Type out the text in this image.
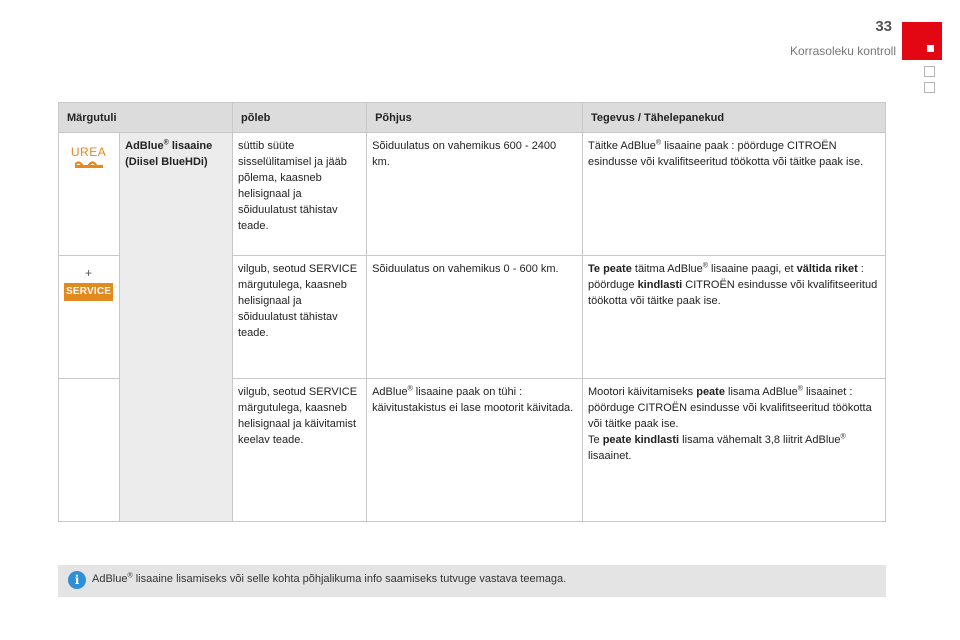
33
Korrasoleku kontroll
Märgutuli		põleb	Põhjus	Tegevus / Tähelepanekud

UREA	AdBlue® lisaaine (Diisel BlueHDi)	süttib süüte sisselülitamisel ja jääb põlema, kaasneb helisignaal ja sõiduulatust tähistav teade.	Sõiduulatus on vahemikus 600 - 2400 km.	Täitke AdBlue® lisaaine paak : pöörduge CITROËN esindusse või kvalifitseeritud töökotta või täitke paak ise.

+
SERVICE		vilgub, seotud SERVICE märgutulega, kaasneb helisignaal ja sõiduulatust tähistav teade.	Sõiduulatus on vahemikus 0 - 600 km.	Te peate täitma AdBlue® lisaaine paagi, et vältida riket : pöörduge kindlasti CITROËN esindusse või kvalifitseeritud töökotta või täitke paak ise.
		vilgub, seotud SERVICE märgutulega, kaasneb helisignaal ja käivitamist keelav teade.	AdBlue® lisaaine paak on tühi : käivitustakistus ei lase mootorit käivitada.	Mootori käivitamiseks peate lisama AdBlue® lisaainet : pöörduge CITROËN esindusse või kvalifitseeritud töökotta või täitke paak ise.
Te peate kindlasti lisama vähemalt 3,8 liitrit AdBlue® lisaainet.
i	AdBlue® lisaaine lisamiseks või selle kohta põhjalikuma info saamiseks tutvuge vastava teemaga.
